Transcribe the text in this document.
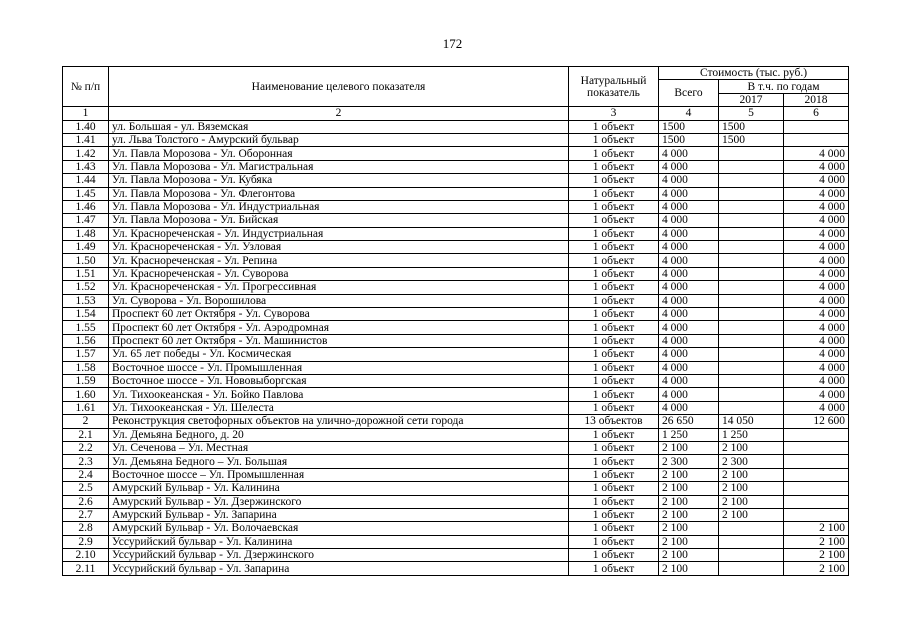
172
№ п/п	Наименование целевого показателя	Натуральный показатель	Стоимость (тыс. руб.)		
			Всего	В т.ч. по годам	
				2017	2018
1	2	3	4	5	6
1.40	ул. Большая - ул. Вяземская	1 объект	1500	1500	
1.41	ул. Льва Толстого - Амурский бульвар	1 объект	1500	1500	
1.42	Ул. Павла Морозова - Ул. Оборонная	1 объект	4 000		4 000
1.43	Ул. Павла Морозова - Ул. Магистральная	1 объект	4 000		4 000
1.44	Ул. Павла Морозова - Ул. Кубяка	1 объект	4 000		4 000
1.45	Ул. Павла Морозова - Ул. Флегонтова	1 объект	4 000		4 000
1.46	Ул. Павла Морозова - Ул. Индустриальная	1 объект	4 000		4 000
1.47	Ул. Павла Морозова - Ул. Бийская	1 объект	4 000		4 000
1.48	Ул. Краснореченская - Ул. Индустриальная	1 объект	4 000		4 000
1.49	Ул. Краснореченская - Ул. Узловая	1 объект	4 000		4 000
1.50	Ул. Краснореченская - Ул. Репина	1 объект	4 000		4 000
1.51	Ул. Краснореченская - Ул. Суворова	1 объект	4 000		4 000
1.52	Ул. Краснореченская - Ул. Прогрессивная	1 объект	4 000		4 000
1.53	Ул. Суворова - Ул. Ворошилова	1 объект	4 000		4 000
1.54	Проспект 60 лет Октября - Ул. Суворова	1 объект	4 000		4 000
1.55	Проспект 60 лет Октября - Ул. Аэродромная	1 объект	4 000		4 000
1.56	Проспект 60 лет Октября - Ул. Машинистов	1 объект	4 000		4 000
1.57	Ул. 65 лет победы - Ул. Космическая	1 объект	4 000		4 000
1.58	Восточное шоссе - Ул. Промышленная	1 объект	4 000		4 000
1.59	Восточное шоссе - Ул. Нововыборгская	1 объект	4 000		4 000
1.60	Ул. Тихоокеанская - Ул. Бойко Павлова	1 объект	4 000		4 000
1.61	Ул. Тихоокеанская - Ул. Шелеста	1 объект	4 000		4 000
2	Реконструкция светофорных объектов на улично-дорожной сети города	13 объектов	26 650	14 050	12 600
2.1	Ул. Демьяна Бедного, д. 20	1 объект	1 250	1 250	
2.2	Ул. Сеченова – Ул. Местная	1 объект	2 100	2 100	
2.3	Ул. Демьяна Бедного – Ул. Большая	1 объект	2 300	2 300	
2.4	Восточное шоссе – Ул. Промышленная	1 объект	2 100	2 100	
2.5	Амурский Бульвар - Ул. Калинина	1 объект	2 100	2 100	
2.6	Амурский Бульвар - Ул. Дзержинского	1 объект	2 100	2 100	
2.7	Амурский Бульвар - Ул. Запарина	1 объект	2 100	2 100	
2.8	Амурский Бульвар - Ул. Волочаевская	1 объект	2 100		2 100
2.9	Уссурийский бульвар - Ул. Калинина	1 объект	2 100		2 100
2.10	Уссурийский бульвар - Ул. Дзержинского	1 объект	2 100		2 100
2.11	Уссурийский бульвар - Ул. Запарина	1 объект	2 100		2 100
